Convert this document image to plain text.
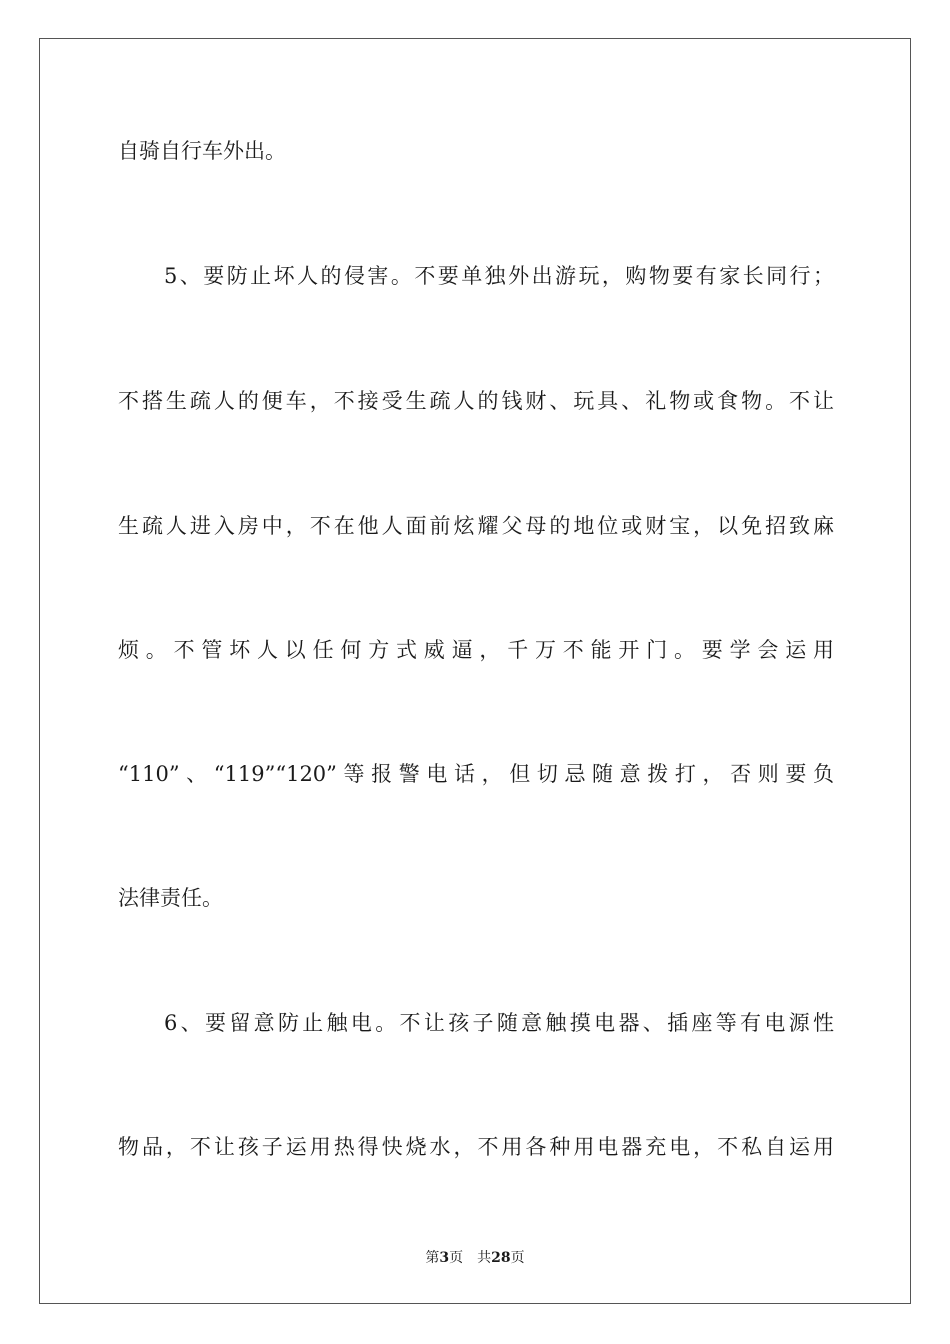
自骑自行车外出。
5、要防止坏人的侵害。不要单独外出游玩，购物要有家长同行；
不搭生疏人的便车，不接受生疏人的钱财、玩具、礼物或食物。不让
生疏人进入房中，不在他人面前炫耀父母的地位或财宝，以免招致麻
烦。不管坏人以任何方式威逼，千万不能开门。要学会运用
“110”、“119”“120”等报警电话，但切忌随意拨打，否则要负
法律责任。
6、要留意防止触电。不让孩子随意触摸电器、插座等有电源性
物品，不让孩子运用热得快烧水，不用各种用电器充电，不私自运用
第3页 共28页
